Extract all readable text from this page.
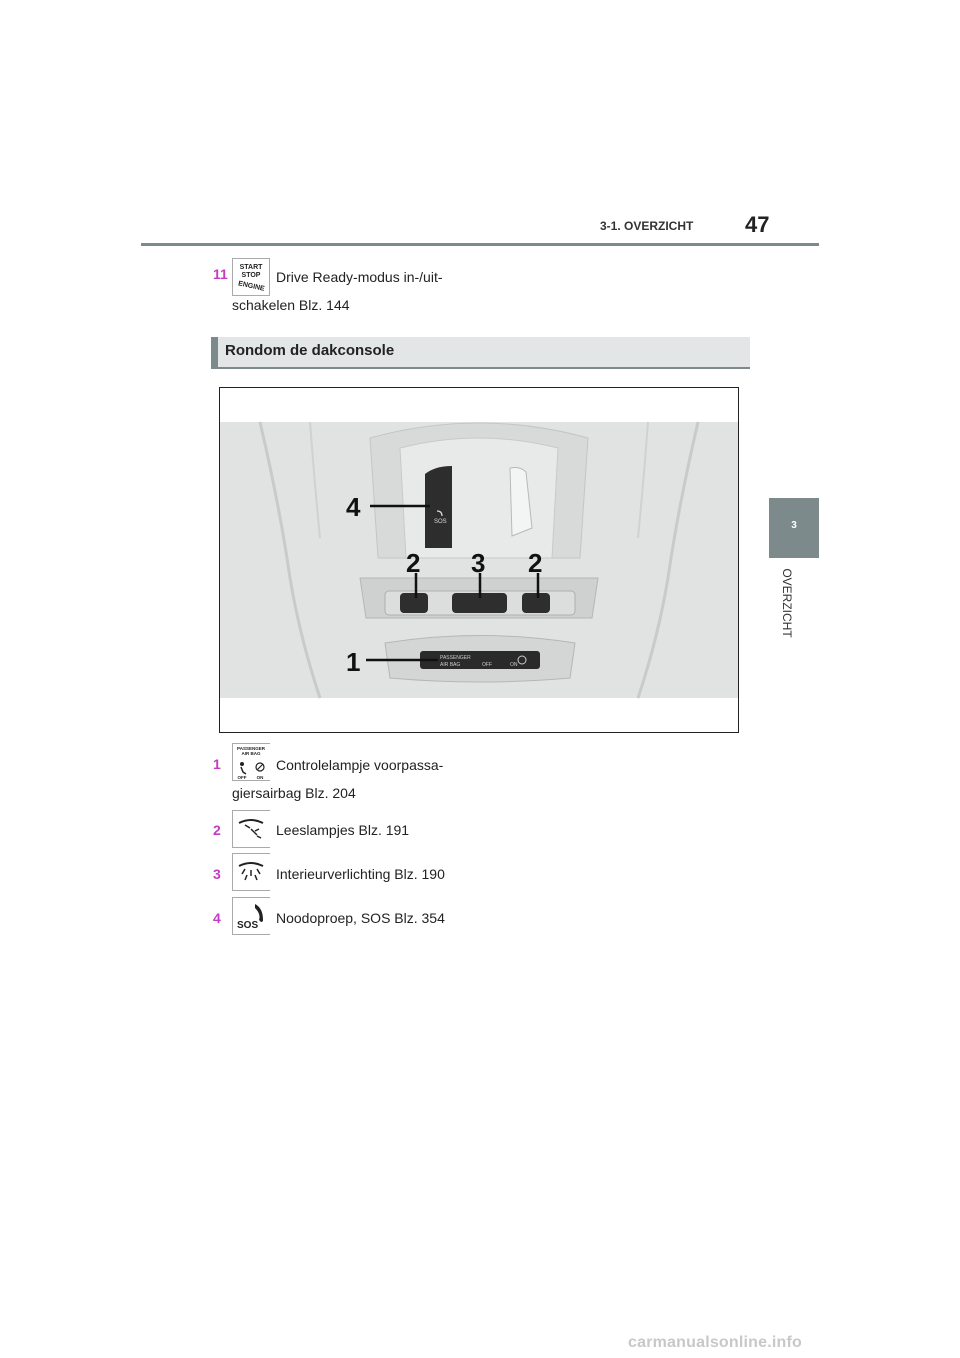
3-1. OVERZICHT 47
3
OVERZICHT
11 START
STOP
ENGINE
Drive Ready-modus in-/uit-
schakelen Blz. 144
Rondom de dakconsole
SOS
PASSENGER
AIR BAG	OFF	ON
4
2 3 2
1
1
PASSENGER
AIR BAG
OFF ON
Controlelampje voorpassa-
giersairbag Blz. 204
2	Leeslampjes Blz. 191
3	Interieurverlichting Blz. 190
4 SOS Noodoproep, SOS Blz. 354
carmanualsonline.info
